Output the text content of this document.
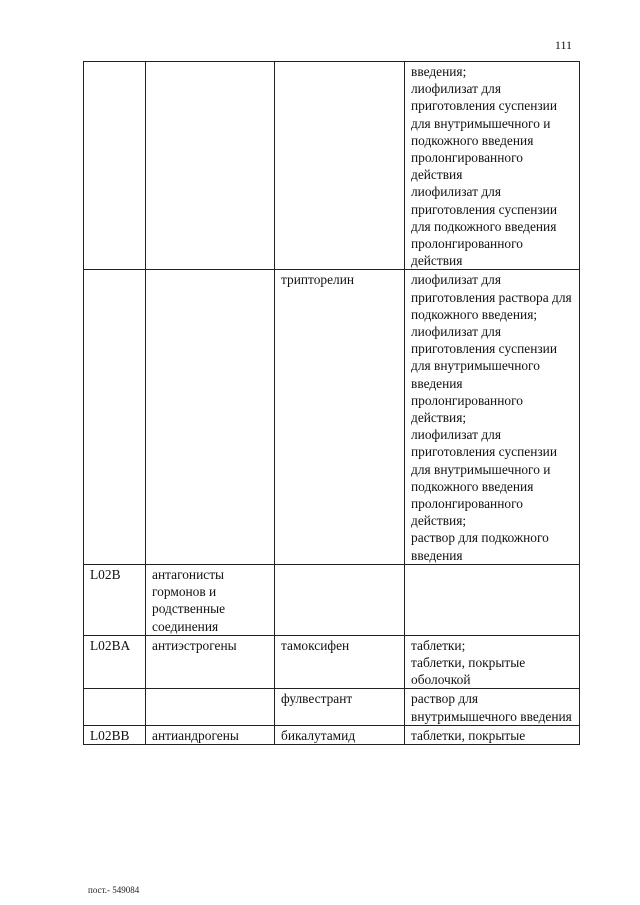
111
			введения;
лиофилизат для приготовления суспензии для внутримышечного и подкожного введения пролонгированного действия
лиофилизат для приготовления суспензии для подкожного введения пролонгированного действия
		трипторелин	лиофилизат для приготовления раствора для подкожного введения;
лиофилизат для приготовления суспензии для внутримышечного введения пролонгированного действия;
лиофилизат для приготовления суспензии для внутримышечного и подкожного введения пролонгированного действия;
раствор для подкожного введения
L02B	антагонисты гормонов и родственные соединения		
L02BA	антиэстрогены	тамоксифен	таблетки;
таблетки, покрытые оболочкой
		фулвестрант	раствор для внутримышечного введения
L02BB	антиандрогены	бикалутамид	таблетки, покрытые
пост.- 549084
